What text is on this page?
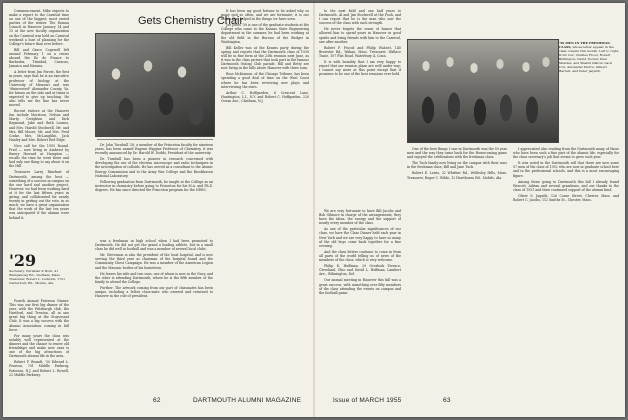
Commencement. Mike expects to make a report to the Carnival time on one of the biggest, most varied parties of the winter. The Roman Council in Hanover January 14 and 15 at the new faculty organization on the Carnival was held on Carnival weekend a host of planning for the College's future than ever before.

Bill and Grace Cogswell left around February 1 on a cruise aboard the Ile de France to Barbados, Trinidad, Curacao, Jamaica and Havana.

A letter from Jim Forest, the first in years, says that he is an executive professor of biology at the University of Missouri and was "disinvested" Alexander County. Va. for bisons on the side and at times is expected to give up teaching. He also tells me the line has never moved.

Recent visitors at the Hanover Inn include Morrison, Nelson and Marty, Creighton and Dick Raymond, Jake and Ruth Loomis, and Mrs. Harold Stockwell, Mr. and Mrs. Bill Moore, Mr. and Mrs. Fred Cooke, Mrs. McLaughlin, Jack Hanley and Mrs. Robert Red Edge.

Nice call for the 1955 Round. Fred — now living in Amherst by Emery Howard at Hampton — recalls the time he went there and had only one thing to say about it on the Hill.

Treasurer Larry Rinehart of Dartmouth, among the best — something of a success in campus on the one hard and another project. However, we had been working hard at it for the last fifteen years in giving, and collaborated for nearly twenty in getting out the vote, in so much, we have a great organization that the work of the last ten years was anticipated if the alumni were behind it.

'29
Secretary, Christian P. Born, 41 Wampanoag Rd., Dedham, Mass.
Treasurer, Robert L. Ludwick, 1721 Canterbury Rd., Mobile, Ala.

Fourth Annual Paterson Dinner. This was our first big dinner of the year, with the Pittsburgh club, the Hartford, and Trenton, all in one great big thing at the Stuyvesant Club. It was a big success with the Alumni Association coming in full force.

For many years the class was notably well represented at the dinners and the chance to renew old friendships and make new ones is one of the big attractions of Dartmouth alumni life in the area.

Robert F. Brandt, '30 Edward L. Pearson, 701 Middle Parkway, Paterson, N.J. and Robert L. Rowell, 22 Middle Parkway.

Gets Chemistry Chair

Dr. John Turnbull '28, a member of the Princeton faculty for nineteen years, has been named Eugene Higgins Professor of Chemistry, it was recently announced by Dr. Harold W. Dodds, President of the university.

Dr. Turnbull has been a pioneer in research concerned with developing the use of the electron microscope and radio techniques in the investigation of colloids. He has served as a consultant to the Atomic Energy Commission and to the Army War College and the Brookhaven National Laboratory.

Following graduation from Dartmouth, he taught at the College as an instructor in chemistry before going to Princeton for his M.A. and Ph.D. degrees. He has since directed the Princeton program for the NDRC.

was a freshman in high school when I had been promoted to Dartmouth. He did not get the grand a leading athlete, but in a small class he did well in football and was a member of several local clubs.

Mr. Stevenson is also the president of the local hospital, and is now serving the third year as chairman of the hospital board and the Community Chest Campaign. He was a member of the American Legion and the Masonic bodies of his hometown.

He leaves his wife and two sons, one of whom is now in the Navy, and the other is attending Dartmouth, where he is the fifth member of the family to attend the College.

Further: The artwork coming from our part of classmates has been unique, including a fellow class-mate who entered and returned to Hanover in the role of president.

It has been my good fortune to be asked why so many quit so often, and we are fortunate; it is our brains that helped in the things we have seen.

Joe Jones '30 is one of the graduate students at the College who came to the Kansas State Engineering department in the summer, he had been working at the old field in the Bureau of the Budget in Washington.

Bill Keller was at the Kearns party during the spring and reports that the Dartmouth class of 1928 will be in fine form at the 25th reunion next June, as it was in the class picture that took part in the famous Dartmouth Outing Club parade. Bill and Betty are now living in the hills above Hanover with three sons.

Ross McKennon, of the Chicago Tribune, has been spending a good deal of time on the West Coast where he has been reviewing new plays and interviewing the stars.

Arthur C. Hoffgarden, 6 Crescent Lane, Huntington, L.I., N.Y. and Robert C. Hoffgarden, 220 Ocean Ave., Chatham, N.J.

62	DARTMOUTH ALUMNI MAGAZINE

to the next field and one half years to Dartmouth. Al and Jim Stockwell at the Pooh, and I can report that he is the man who saw the success of the class with such strength.

He never forgets the sense of humor that allowed him to spend years in Hanover in good spirits and bring friends with him to the Carnival, one after another.

Robert F. Fiscod and Philip Walcott, 140 Brewster Rd., Waban, Mass. Treasurer, Wallace Tunie, 107 Flat Road, Waterbury 4, Conn.

It is with humility that I am very happy to report that our reunion plans are well under way; I cannot say more at this point except that it promises to be one of the best reunions ever held.

We are very fortunate to have Bill Jacobs and Bob Gilmore in charge of the arrangements; they have the ideas, the energy and the support of nearly every member of the class.

As one of the particular significances of our class, we have the Class Dinner held each year in New York and we are very happy to have so many of the old boys come back together for a fine evening.

And the class letters continue to come in from all parts of the world telling us of news of the members of the class, which is very welcome.

Philip K. Huffman, 29 Overlook Terrace, Cleveland, Ohio and David L. Hoffman, Lambert Ave., Wilmington, Del.

Our annual meeting in Hanover this fall was a great success, with something over fifty members of the class attending the events on campus and the football game.

'50 MEN IN THE FRESHMAN CLASS, whose letter appear in the class column this month. Left to right, front row: Charles Flood, Robert Bullington, David Tucker, Paul Mendez, and Shahid Dalton; back row: Alexander Pierce, Gilbert Barrett, and Peter Jaquith.

One of the best things I saw in Dartmouth was the 50 year men and the way they came back for the Homecoming game and enjoyed the celebrations with the freshman class.

The Tuck family now living on the campus with their sons in the freshman class; Bill and Jane Tuck.

Robert E. Lewis, 32 Whittier Rd., Wellesley Hills, Mass. Treasurer, Roger C. Wilde, 12 Hawthorne Rd., Mobile, Ala.

I appreciated also reading from the Dartmouth many of those who have been such a fine part of the alumni life, especially for the class secretary's job that seems to grow each year.

It was noted in the Dartmouth roll that there are now some 57 men of the class of 1952 who are now in graduate school here and in the professional schools, and this is a most encouraging figure.

Among those going to Dartmouth this fall I already found Wescott, Adrian and several grandsons, and our thanks to the class of 1931 and their continued support of the alumni fund.

Oliver S. Jaquith, 126 Corne Street, Chester, Mass. and Robert C. Jacobs, 112 Smiths St., Chester, Mass.

Issue of MARCH 1955	63
